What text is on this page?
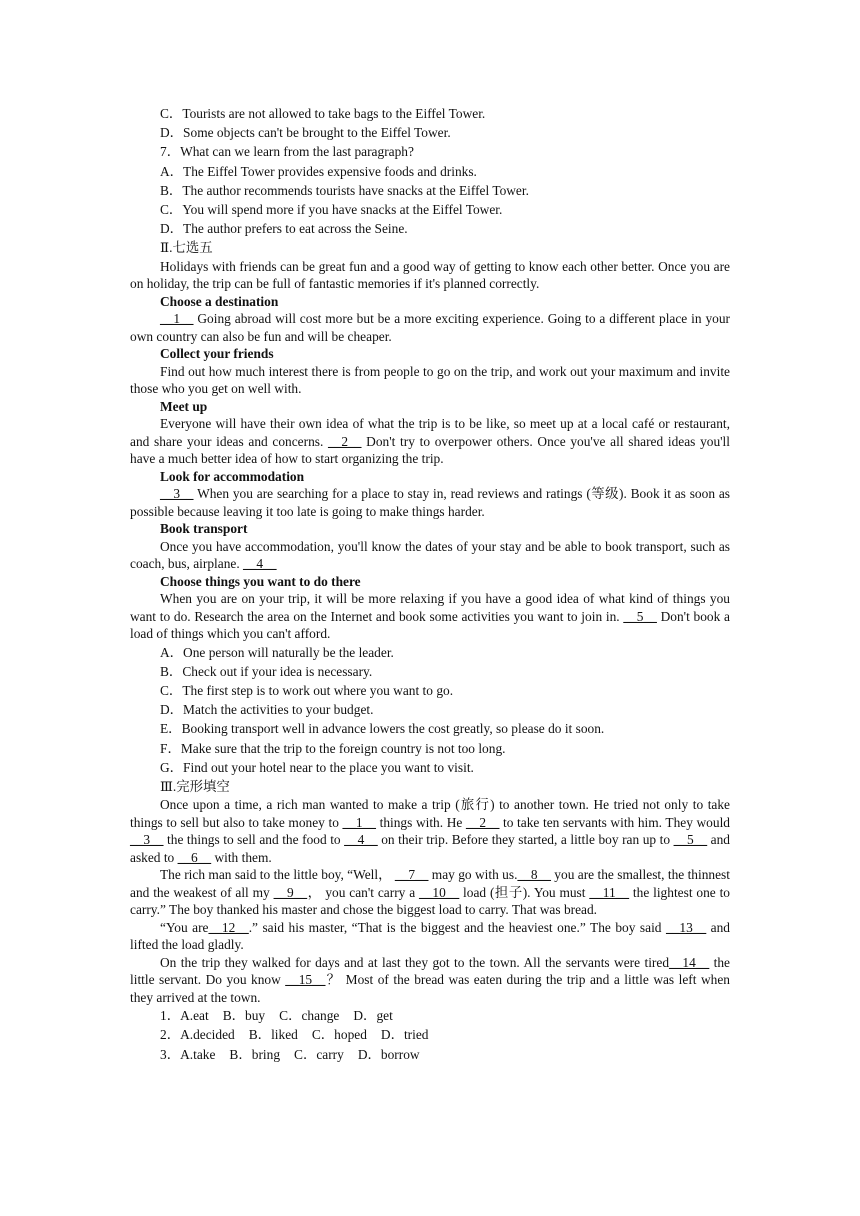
C．Tourists are not allowed to take bags to the Eiffel Tower.
D．Some objects can't be brought to the Eiffel Tower.
7．What can we learn from the last paragraph?
A．The Eiffel Tower provides expensive foods and drinks.
B．The author recommends tourists have snacks at the Eiffel Tower.
C．You will spend more if you have snacks at the Eiffel Tower.
D．The author prefers to eat across the Seine.
Ⅱ.七选五
Holidays with friends can be great fun and a good way of getting to know each other better. Once you are on holiday, the trip can be full of fantastic memories if it's planned correctly.
Choose a destination
__1__ Going abroad will cost more but be a more exciting experience. Going to a different place in your own country can also be fun and will be cheaper.
Collect your friends
Find out how much interest there is from people to go on the trip, and work out your maximum and invite those who you get on well with.
Meet up
Everyone will have their own idea of what the trip is to be like, so meet up at a local café or restaurant, and share your ideas and concerns. __2__ Don't try to overpower others. Once you've all shared ideas you'll have a much better idea of how to start organizing the trip.
Look for accommodation
__3__ When you are searching for a place to stay in, read reviews and ratings (等级). Book it as soon as possible because leaving it too late is going to make things harder.
Book transport
Once you have accommodation, you'll know the dates of your stay and be able to book transport, such as coach, bus, airplane. __4__
Choose things you want to do there
When you are on your trip, it will be more relaxing if you have a good idea of what kind of things you want to do. Research the area on the Internet and book some activities you want to join in. __5__ Don't book a load of things which you can't afford.
A．One person will naturally be the leader.
B．Check out if your idea is necessary.
C．The first step is to work out where you want to go.
D．Match the activities to your budget.
E．Booking transport well in advance lowers the cost greatly, so please do it soon.
F．Make sure that the trip to the foreign country is not too long.
G．Find out your hotel near to the place you want to visit.
Ⅲ.完形填空
Once upon a time, a rich man wanted to make a trip (旅行) to another town. He tried not only to take things to sell but also to take money to __1__ things with. He __2__ to take ten servants with him. They would __3__ the things to sell and the food to __4__ on their trip. Before they started, a little boy ran up to __5__ and asked to __6__ with them.
The rich man said to the little boy, “Well， __7__ may go with us.__8__ you are the smallest, the thinnest and the weakest of all my __9__， you can't carry a __10__ load (担子). You must __11__ the lightest one to carry.” The boy thanked his master and chose the biggest load to carry. That was bread.
“You are__12__.” said his master, “That is the biggest and the heaviest one.” The boy said __13__ and lifted the load gladly.
On the trip they walked for days and at last they got to the town. All the servants were tired__14__ the little servant. Do you know __15__？ Most of the bread was eaten during the trip and a little was left when they arrived at the town.
1．A.eat B．buy C．change D．get
2．A.decided B．liked C．hoped D．tried
3．A.take B．bring C．carry D．borrow
